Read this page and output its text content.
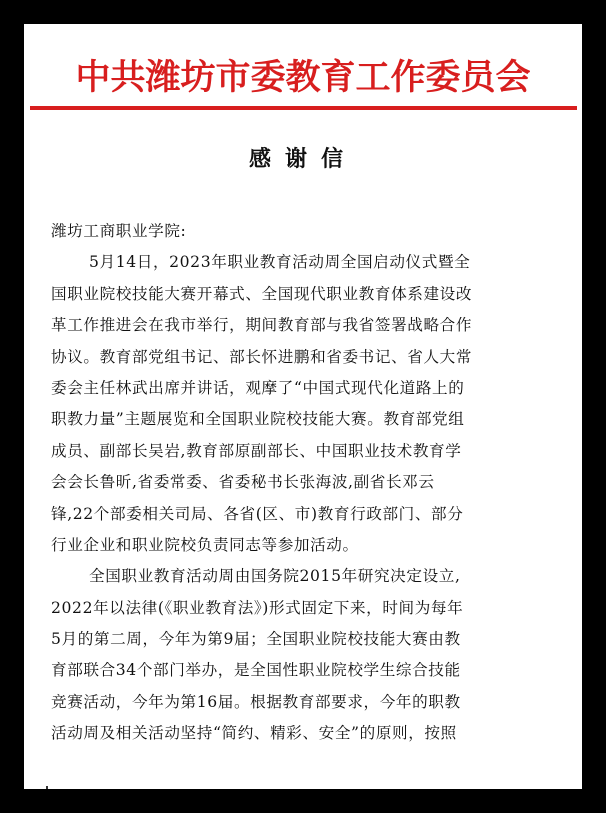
中共潍坊市委教育工作委员会
感谢信
潍坊工商职业学院:
5月14日，2023年职业教育活动周全国启动仪式暨全
国职业院校技能大赛开幕式、全国现代职业教育体系建设改
革工作推进会在我市举行，期间教育部与我省签署战略合作
协议。教育部党组书记、部长怀进鹏和省委书记、省人大常
委会主任林武出席并讲话，观摩了“中国式现代化道路上的
职教力量”主题展览和全国职业院校技能大赛。教育部党组
成员、副部长吴岩,教育部原副部长、中国职业技术教育学
会会长鲁昕,省委常委、省委秘书长张海波,副省长邓云
锋,22个部委相关司局、各省(区、市)教育行政部门、部分
行业企业和职业院校负责同志等参加活动。
全国职业教育活动周由国务院2015年研究决定设立,
2022年以法律(《职业教育法》)形式固定下来，时间为每年
5月的第二周，今年为第9届；全国职业院校技能大赛由教
育部联合34个部门举办，是全国性职业院校学生综合技能
竞赛活动，今年为第16届。根据教育部要求，今年的职教
活动周及相关活动坚持“简约、精彩、安全”的原则，按照
